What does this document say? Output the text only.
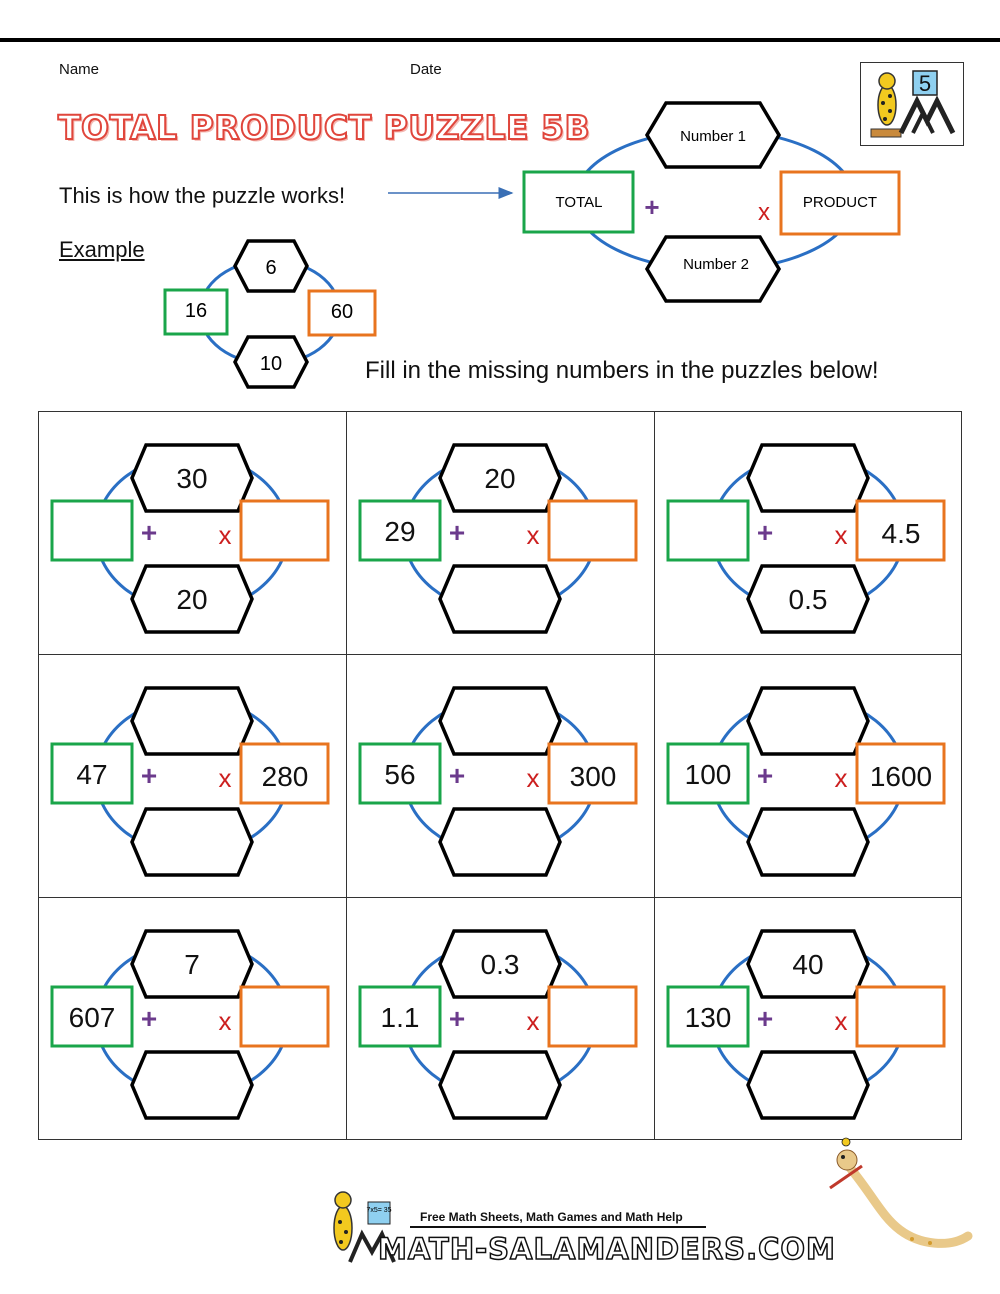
Name	Date
TOTAL PRODUCT PUZZLE 5B
5
This is how the puzzle works!
Example
Fill in the missing numbers in the puzzles below!
Number 1
Number 2
TOTAL	PRODUCT
+	x
6
10
16	60
+ x
30
20
+ x
20
29	+ x
0.5
4.5
+ x
47	280	+ x
56	300	+ x
100	1600
+ x
7
607	+ x
0.3
1.1	+ x
40
130
7x5= 35 Free Math Sheets, Math Games and Math Help
MATH-SALAMANDERS.COM
